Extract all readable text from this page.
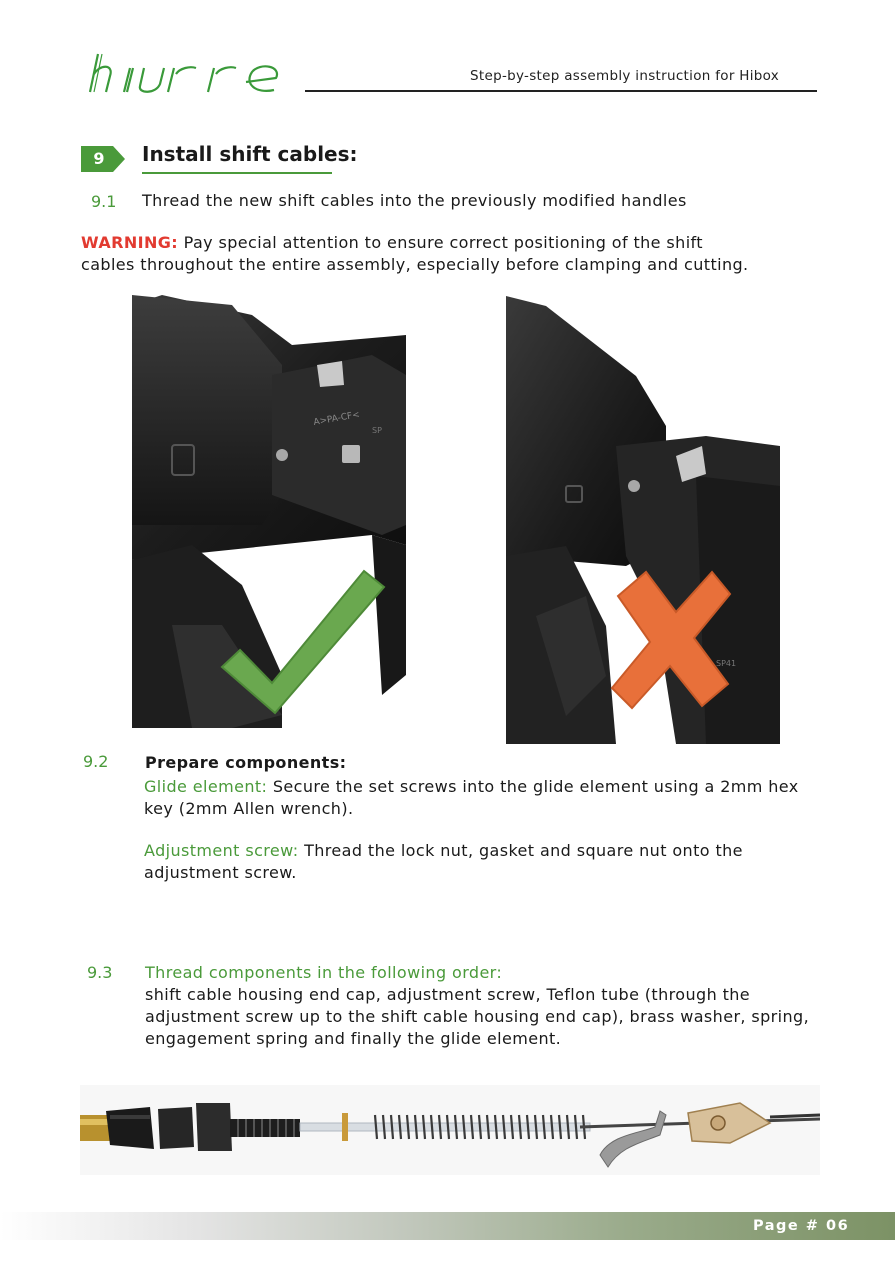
hibre
Step-by-step assembly instruction for Hibox
9 Install shift cables:
9.1 Thread the new shift cables into the previously modified handles
WARNING: Pay special attention to ensure correct positioning of the shift
cables throughout the entire assembly, especially before clamping and cutting.
A>PA-CF<
SP
SP41
9.2 Prepare components:
Glide element: Secure the set screws into the glide element using a 2mm hex
key (2mm Allen wrench).
Adjustment screw: Thread the lock nut, gasket and square nut onto the
adjustment screw.
9.3 Thread components in the following order:
shift cable housing end cap, adjustment screw, Teflon tube (through the
adjustment screw up to the shift cable housing end cap), brass washer, spring,
engagement spring and finally the glide element.
Page # 06
